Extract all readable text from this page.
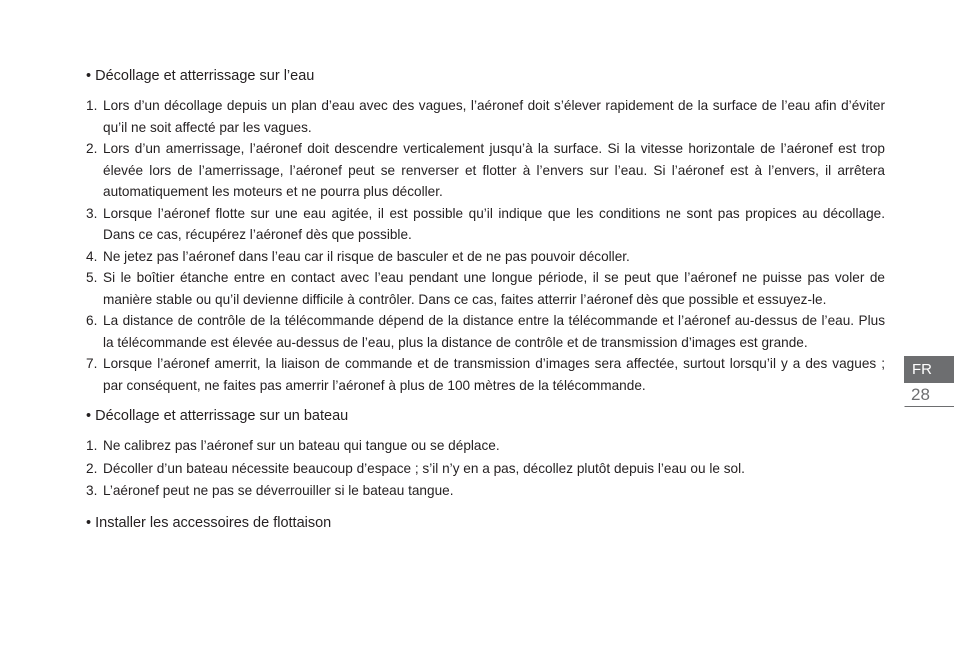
• Décollage et atterrissage sur l’eau
1. Lors d’un décollage depuis un plan d’eau avec des vagues, l’aéronef doit s’élever rapidement de la surface de l’eau afin d’éviter qu’il ne soit affecté par les vagues.
2. Lors d’un amerrissage, l’aéronef doit descendre verticalement jusqu’à la surface. Si la vitesse horizontale de l’aéronef est trop élevée lors de l’amerrissage, l’aéronef peut se renverser et flotter à l’envers sur l’eau. Si l’aéronef est à l’envers, il arrêtera automatiquement les moteurs et ne pourra plus décoller.
3. Lorsque l’aéronef flotte sur une eau agitée, il est possible qu’il indique que les conditions ne sont pas propices au décollage. Dans ce cas, récupérez l’aéronef dès que possible.
4. Ne jetez pas l’aéronef dans l’eau car il risque de basculer et de ne pas pouvoir décoller.
5. Si le boîtier étanche entre en contact avec l’eau pendant une longue période, il se peut que l’aéronef ne puisse pas voler de manière stable ou qu’il devienne difficile à contrôler. Dans ce cas, faites atterrir l’aéronef dès que possible et essuyez-le.
6. La distance de contrôle de la télécommande dépend de la distance entre la télécommande et l’aéronef au-dessus de l’eau. Plus la télécommande est élevée au-dessus de l’eau, plus la distance de contrôle et de transmission d’images est grande.
7. Lorsque l’aéronef amerrit, la liaison de commande et de transmission d’images sera affectée, surtout lorsqu’il y a des vagues ; par conséquent, ne faites pas amerrir l’aéronef à plus de 100 mètres de la télécommande.
• Décollage et atterrissage sur un bateau
1. Ne calibrez pas l’aéronef sur un bateau qui tangue ou se déplace.
2. Décoller d’un bateau nécessite beaucoup d’espace ; s’il n’y en a pas, décollez plutôt depuis l’eau ou le sol.
3. L’aéronef peut ne pas se déverrouiller si le bateau tangue.
• Installer les accessoires de flottaison
FR
28
